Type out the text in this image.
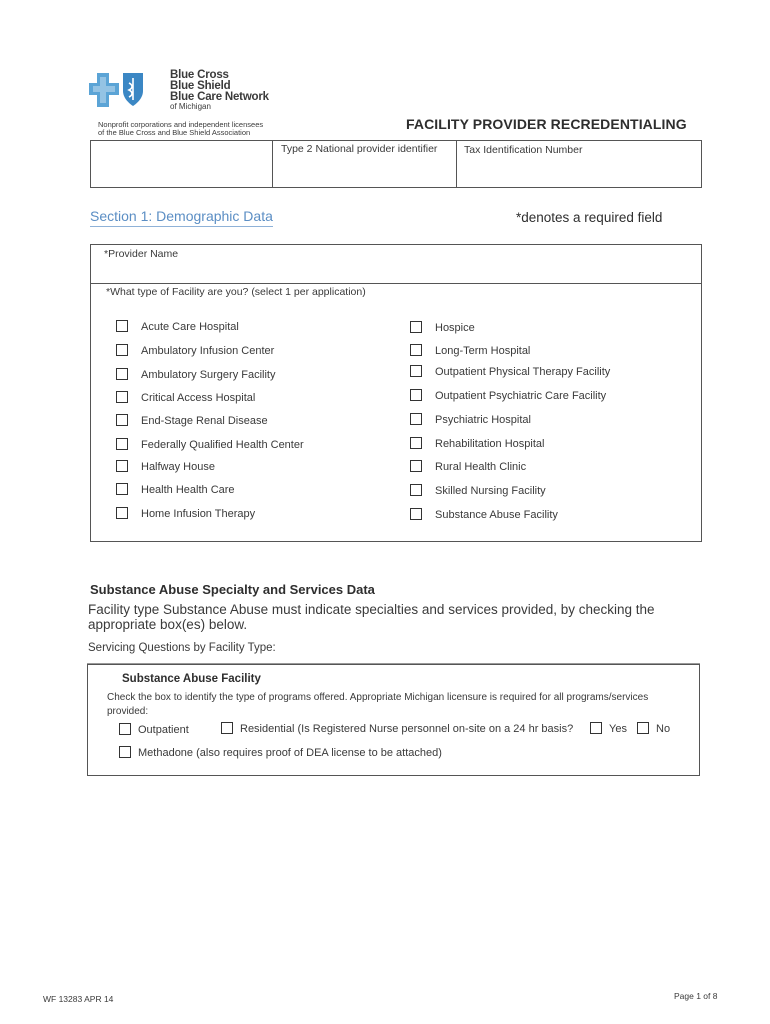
Blue Cross
Blue Shield
Blue Care Network
of Michigan
Nonprofit corporations and independent licensees
of the Blue Cross and Blue Shield Association
FACILITY PROVIDER RECREDENTIALING
Type 2 National provider identifier	Tax Identification Number
Section 1: Demographic Data	*denotes a required field
*Provider Name
*What type of Facility are you? (select 1 per application)
Acute Care Hospital
Ambulatory Infusion Center
Ambulatory Surgery Facility
Critical Access Hospital
End-Stage Renal Disease
Federally Qualified Health Center
Halfway House
Health Health Care
Home Infusion Therapy
Hospice
Long-Term Hospital
Outpatient Physical Therapy Facility
Outpatient Psychiatric Care Facility
Psychiatric Hospital
Rehabilitation Hospital
Rural Health Clinic
Skilled Nursing Facility
Substance Abuse Facility
Substance Abuse Specialty and Services Data
Facility type Substance Abuse must indicate specialties and services provided, by checking the appropriate box(es) below.
Servicing Questions by Facility Type:
Substance Abuse Facility
Check the box to identify the type of programs offered. Appropriate Michigan licensure is required for all programs/services provided:
Outpatient	Residential (Is Registered Nurse personnel on-site on a 24 hr basis?	Yes	No
Methadone (also requires proof of DEA license to be attached)
WF 13283 APR 14	Page 1 of 8
